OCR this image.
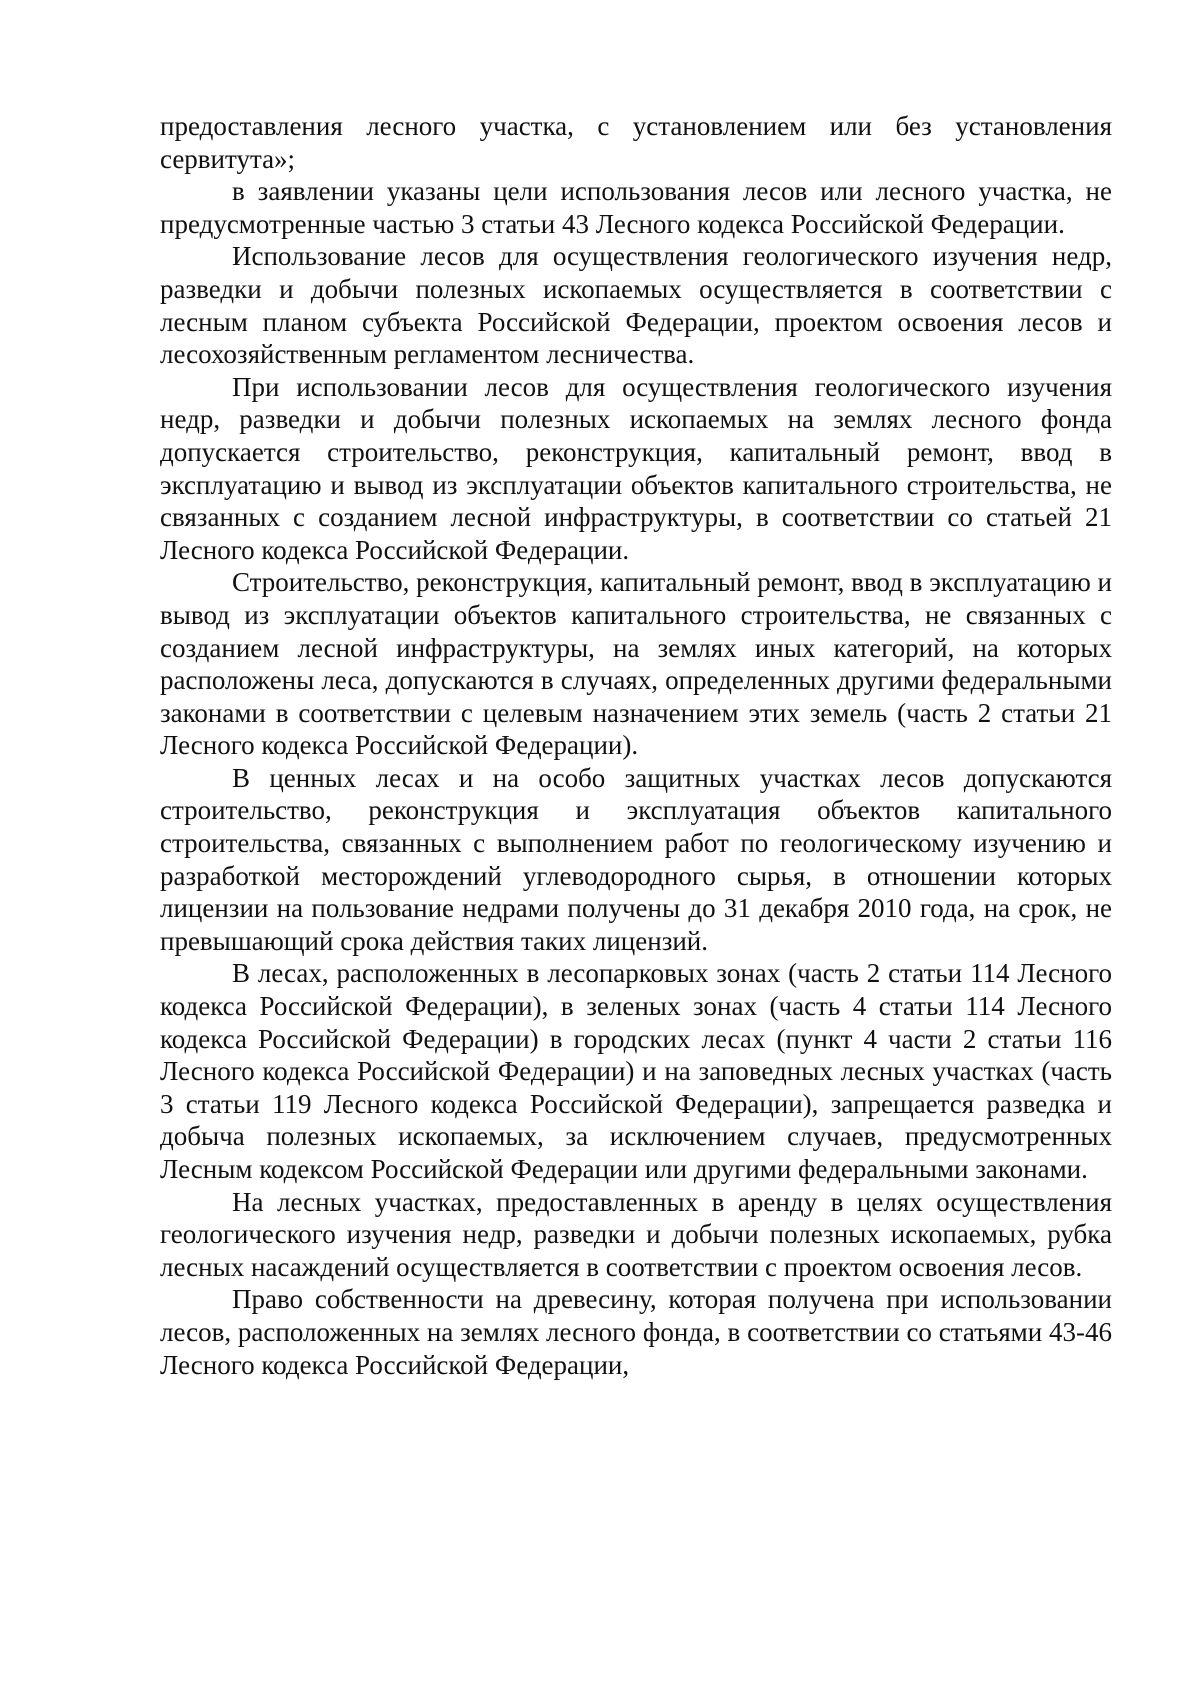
предоставления лесного участка, с установлением или без установления сервитута»;

в заявлении указаны цели использования лесов или лесного участка, не предусмотренные частью 3 статьи 43 Лесного кодекса Российской Федерации.

Использование лесов для осуществления геологического изучения недр, разведки и добычи полезных ископаемых осуществляется в соответствии с лесным планом субъекта Российской Федерации, проектом освоения лесов и лесохозяйственным регламентом лесничества.

При использовании лесов для осуществления геологического изучения недр, разведки и добычи полезных ископаемых на землях лесного фонда допускается строительство, реконструкция, капитальный ремонт, ввод в эксплуатацию и вывод из эксплуатации объектов капитального строительства, не связанных с созданием лесной инфраструктуры, в соответствии со статьей 21 Лесного кодекса Российской Федерации.

Строительство, реконструкция, капитальный ремонт, ввод в эксплуатацию и вывод из эксплуатации объектов капитального строительства, не связанных с созданием лесной инфраструктуры, на землях иных категорий, на которых расположены леса, допускаются в случаях, определенных другими федеральными законами в соответствии с целевым назначением этих земель (часть 2 статьи 21 Лесного кодекса Российской Федерации).

В ценных лесах и на особо защитных участках лесов допускаются строительство, реконструкция и эксплуатация объектов капитального строительства, связанных с выполнением работ по геологическому изучению и разработкой месторождений углеводородного сырья, в отношении которых лицензии на пользование недрами получены до 31 декабря 2010 года, на срок, не превышающий срока действия таких лицензий.

В лесах, расположенных в лесопарковых зонах (часть 2 статьи 114 Лесного кодекса Российской Федерации), в зеленых зонах (часть 4 статьи 114 Лесного кодекса Российской Федерации) в городских лесах (пункт 4 части 2 статьи 116 Лесного кодекса Российской Федерации) и на заповедных лесных участках (часть 3 статьи 119 Лесного кодекса Российской Федерации), запрещается разведка и добыча полезных ископаемых, за исключением случаев, предусмотренных Лесным кодексом Российской Федерации или другими федеральными законами.

На лесных участках, предоставленных в аренду в целях осуществления геологического изучения недр, разведки и добычи полезных ископаемых, рубка лесных насаждений осуществляется в соответствии с проектом освоения лесов.

Право собственности на древесину, которая получена при использовании лесов, расположенных на землях лесного фонда, в соответствии со статьями 43-46 Лесного кодекса Российской Федерации,
